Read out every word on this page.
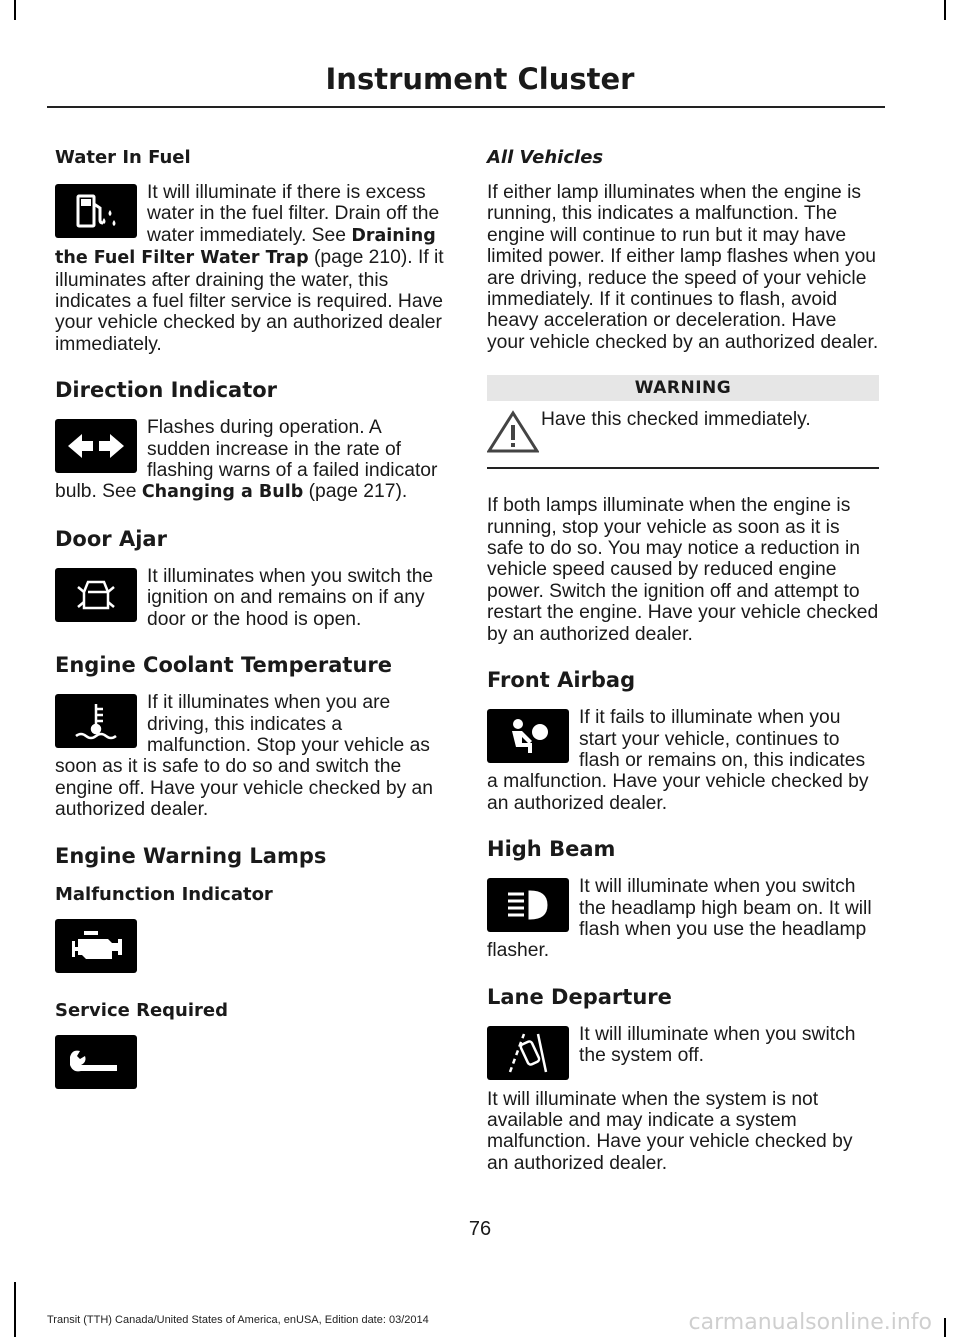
Instrument Cluster
Water In Fuel

It will illuminate if there is excess water in the fuel filter. Drain off the water immediately. See Draining the Fuel Filter Water Trap (page 210). If it illuminates after draining the water, this indicates a fuel filter service is required. Have your vehicle checked by an authorized dealer immediately.

Direction Indicator

Flashes during operation. A sudden increase in the rate of flashing warns of a failed indicator bulb. See Changing a Bulb (page 217).

Door Ajar

It illuminates when you switch the ignition on and remains on if any door or the hood is open.

Engine Coolant Temperature

If it illuminates when you are driving, this indicates a malfunction. Stop your vehicle as soon as it is safe to do so and switch the engine off. Have your vehicle checked by an authorized dealer.

Engine Warning Lamps
Malfunction Indicator
Service Required
All Vehicles

If either lamp illuminates when the engine is running, this indicates a malfunction. The engine will continue to run but it may have limited power. If either lamp flashes when you are driving, reduce the speed of your vehicle immediately. If it continues to flash, avoid heavy acceleration or deceleration. Have your vehicle checked by an authorized dealer.

WARNING
Have this checked immediately.

If both lamps illuminate when the engine is running, stop your vehicle as soon as it is safe to do so. You may notice a reduction in vehicle speed caused by reduced engine power. Switch the ignition off and attempt to restart the engine. Have your vehicle checked by an authorized dealer.

Front Airbag

If it fails to illuminate when you start your vehicle, continues to flash or remains on, this indicates a malfunction. Have your vehicle checked by an authorized dealer.

High Beam

It will illuminate when you switch the headlamp high beam on. It will flash when you use the headlamp flasher.

Lane Departure

It will illuminate when you switch the system off.

It will illuminate when the system is not available and may indicate a system malfunction. Have your vehicle checked by an authorized dealer.

76
Transit (TTH) Canada/United States of America, enUSA, Edition date: 03/2014	carmanualsonline.info
